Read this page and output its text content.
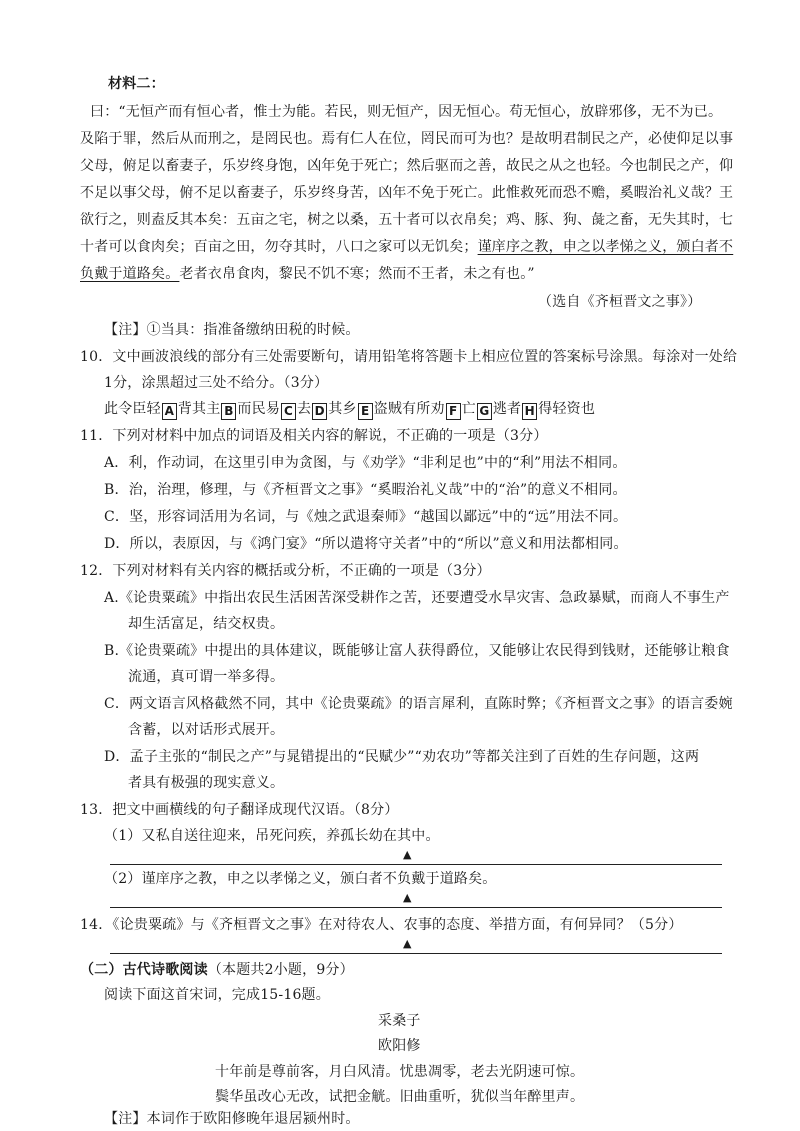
材料二：
曰：“无恒产而有恒心者，惟士为能。若民，则无恒产，因无恒心。苟无恒心，放辟邪侈，无不为已。
及陷于罪，然后从而刑之，是罔民也。焉有仁人在位，罔民而可为也？是故明君制民之产，必使仰足以事
父母，俯足以畜妻子，乐岁终身饱，凶年免于死亡；然后驱而之善，故民之从之也轻。今也制民之产，仰
不足以事父母，俯不足以畜妻子，乐岁终身苦，凶年不免于死亡。此惟救死而恐不赡，奚暇治礼义哉？王
欲行之，则盍反其本矣：五亩之宅，树之以桑，五十者可以衣帛矣；鸡、豚、狗、彘之畜，无失其时，七
十者可以食肉矣；百亩之田，勿夺其时，八口之家可以无饥矣；谨庠序之教，申之以孝悌之义，颁白者不
负戴于道路矣。老者衣帛食肉，黎民不饥不寒；然而不王者，未之有也。”
（选自《齐桓晋文之事》）
【注】①当具：指准备缴纳田税的时候。
10．文中画波浪线的部分有三处需要断句，请用铅笔将答题卡上相应位置的答案标号涂黑。每涂对一处给
1分，涂黑超过三处不给分。（3分）
此令臣轻 A 背其主 B 而民易 C 去 D 其乡 E 盗贼有所劝 F 亡 G 逃者 H 得轻资也
11．下列对材料中加点的词语及相关内容的解说，不正确的一项是（3分）
A．利，作动词，在这里引申为贪图，与《劝学》“非利足也”中的“利”用法不相同。
B．治，治理，修理，与《齐桓晋文之事》“奚暇治礼义哉”中的“治”的意义不相同。
C．坚，形容词活用为名词，与《烛之武退秦师》“越国以鄙远”中的“远”用法不同。
D．所以，表原因，与《鸿门宴》“所以遣将守关者”中的“所以”意义和用法都相同。
12．下列对材料有关内容的概括或分析，不正确的一项是（3分）
A.《论贵粟疏》中指出农民生活困苦深受耕作之苦，还要遭受水旱灾害、急政暴赋，而商人不事生产
却生活富足，结交权贵。
B.《论贵粟疏》中提出的具体建议，既能够让富人获得爵位，又能够让农民得到钱财，还能够让粮食
流通，真可谓一举多得。
C．两文语言风格截然不同，其中《论贵粟疏》的语言犀利，直陈时弊；《齐桓晋文之事》的语言委婉
含蓄，以对话形式展开。
D．孟子主张的“制民之产”与晁错提出的“民赋少”“劝农功”等都关注到了百姓的生存问题，这两
者具有极强的现实意义。
13．把文中画横线的句子翻译成现代汉语。（8分）
（1）又私自送往迎来，吊死问疾，养孤长幼在其中。
▲
（2）谨庠序之教，申之以孝悌之义，颁白者不负戴于道路矣。
▲
14．《论贵粟疏》与《齐桓晋文之事》在对待农人、农事的态度、举措方面，有何异同？（5分）
▲
（二）古代诗歌阅读（本题共2小题，9分）
阅读下面这首宋词，完成15-16题。
采桑子
欧阳修
十年前是尊前客，月白风清。忧患凋零，老去光阴速可惊。
鬓华虽改心无改，试把金觥。旧曲重听，犹似当年醉里声。
【注】本词作于欧阳修晚年退居颍州时。
高一语文试题 第 6 页（共 8 页）
